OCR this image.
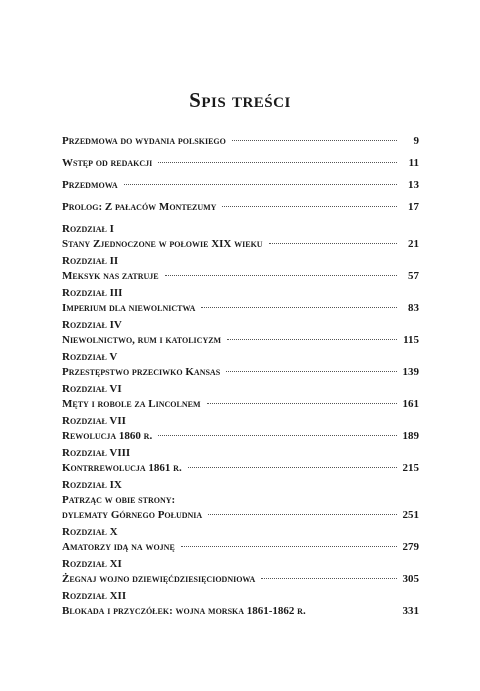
Spis treści
Przedmowa do wydania polskiego	9
Wstęp od redakcji	11
Przedmowa	13
Prolog: Z pałaców Montezumy	17
Rozdział I
Stany Zjednoczone w połowie XIX wieku	21
Rozdział II
Meksyk nas zatruje	57
Rozdział III
Imperium dla niewolnictwa	83
Rozdział IV
Niewolnictwo, rum i katolicyzm	115
Rozdział V
Przestępstwo przeciwko Kansas	139
Rozdział VI
Męty i robole za Lincolnem	161
Rozdział VII
Rewolucja 1860 r.	189
Rozdział VIII
Kontrrewolucja 1861 r.	215
Rozdział IX
Patrząc w obie strony:
dylematy Górnego Południa	251
Rozdział X
Amatorzy idą na wojnę	279
Rozdział XI
Żegnaj wojno dziewięćdziesięciodniowa	305
Rozdział XII
Blokada i przyczółek: wojna morska 1861-1862 r.	331
